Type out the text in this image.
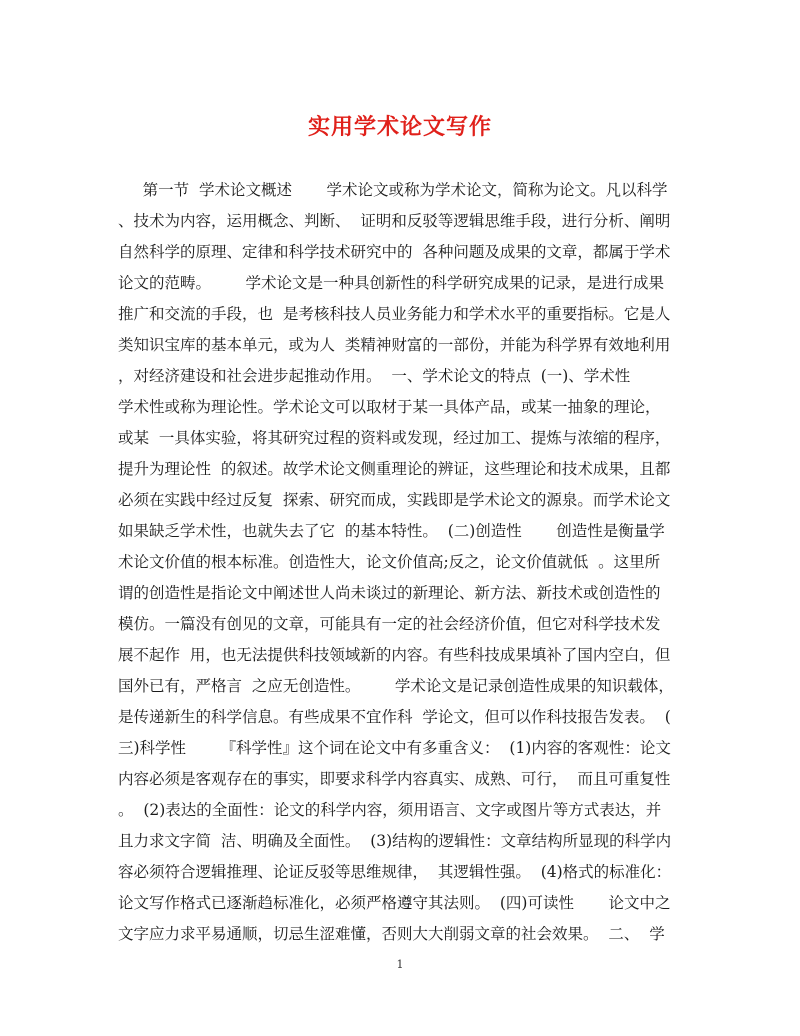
实用学术论文写作
第一节  学术论文概述       学术论文或称为学术论文，简称为论文。凡以科学
、技术为内容，运用概念、判断、  证明和反驳等逻辑思维手段，进行分析、阐明
自然科学的原理、定律和科学技术研究中的  各种问题及成果的文章，都属于学术
论文的范畴。       学术论文是一种具创新性的科学研究成果的记录，是进行成果
推广和交流的手段，也  是考核科技人员业务能力和学术水平的重要指标。它是人
类知识宝库的基本单元，或为人  类精神财富的一部份，并能为科学界有效地利用
，对经济建设和社会进步起推动作用。  一、学术论文的特点  (一)、学术性
学术性或称为理论性。学术论文可以取材于某一具体产品，或某一抽象的理论，
或某  一具体实验，将其研究过程的资料或发现，经过加工、提炼与浓缩的程序，
提升为理论性  的叙述。故学术论文侧重理论的辨证，这些理论和技术成果，且都
必须在实践中经过反复  探索、研究而成，实践即是学术论文的源泉。而学术论文
如果缺乏学术性，也就失去了它  的基本特性。  (二)创造性       创造性是衡量学
术论文价值的根本标准。创造性大，论文价值高;反之，论文价值就低  。这里所
谓的创造性是指论文中阐述世人尚未谈过的新理论、新方法、新技术或创造性的
模仿。一篇没有创见的文章，可能具有一定的社会经济价值，但它对科学技术发
展不起作  用，也无法提供科技领域新的内容。有些科技成果填补了国内空白，但
国外已有，严格言  之应无创造性。       学术论文是记录创造性成果的知识载体，
是传递新生的科学信息。有些成果不宜作科  学论文，但可以作科技报告发表。  (
三)科学性       『科学性』这个词在论文中有多重含义：  (1)内容的客观性：论文
内容必须是客观存在的事实，即要求科学内容真实、成熟、可行，  而且可重复性
。  (2)表达的全面性：论文的科学内容，须用语言、文字或图片等方式表达，并
且力求文字简  洁、明确及全面性。  (3)结构的逻辑性：文章结构所显现的科学内
容必须符合逻辑推理、论证反驳等思维规律，  其逻辑性强。  (4)格式的标准化：
论文写作格式已逐渐趋标准化，必须严格遵守其法则。  (四)可读性       论文中之
文字应力求平易通顺，切忌生涩难懂，否则大大削弱文章的社会效果。  二、  学
1
